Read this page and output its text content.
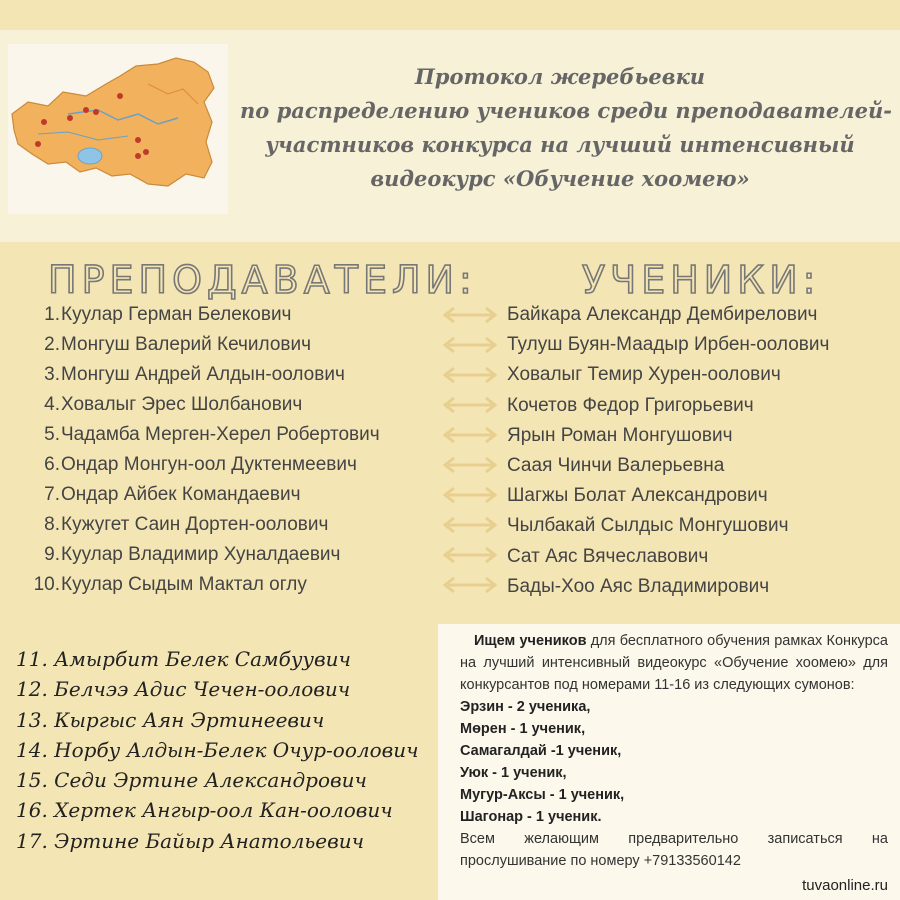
Протокол жеребьевки
по распределению учеников среди преподавателей-
участников конкурса на лучший интенсивный
видеокурс «Обучение хоомею»
ПРЕПОДАВАТЕЛИ:	УЧЕНИКИ:
1. Куулар Герман Белекович
2. Монгуш Валерий Кечилович
3. Монгуш Андрей Алдын-оолович
4. Ховалыг Эрес Шолбанович
5. Чадамба Мерген-Херел Робертович
6. Ондар Монгун-оол Дуктенмеевич
7. Ондар Айбек Командаевич
8. Кужугет Саин Дортен-оолович
9. Куулар Владимир Хуналдаевич
10. Куулар Сыдым Мактал оглу
Байкара Александр Дембирелович
Тулуш Буян-Маадыр Ирбен-оолович
Ховалыг Темир Хурен-оолович
Кочетов Федор Григорьевич
Ярын Роман Монгушович
Саая Чинчи Валерьевна
Шагжы Болат Александрович
Чылбакай Сылдыс Монгушович
Сат Аяс Вячеславович
Бады-Хоо Аяс Владимирович
11. Амырбит Белек Самбуувич
12. Белчээ Адис Чечен-оолович
13. Кыргыс Аян Эртинеевич
14. Норбу Алдын-Белек Очур-оолович
15. Седи Эртине Александрович
16. Хертек Ангыр-оол Кан-оолович
17. Эртине Байыр Анатольевич
Ищем учеников для бесплатного обучения рамках Конкурса на лучший интенсивный видеокурс «Обучение хоомею» для конкурсантов под номерами 11-16 из следующих сумонов:
Эрзин - 2 ученика,
Мөрен - 1 ученик,
Самагалдай -1 ученик,
Уюк - 1 ученик,
Мугур-Аксы - 1 ученик,
Шагонар - 1 ученик.
Всем желающим предварительно записаться на прослушивание по номеру +79133560142
tuvaonline.ru
